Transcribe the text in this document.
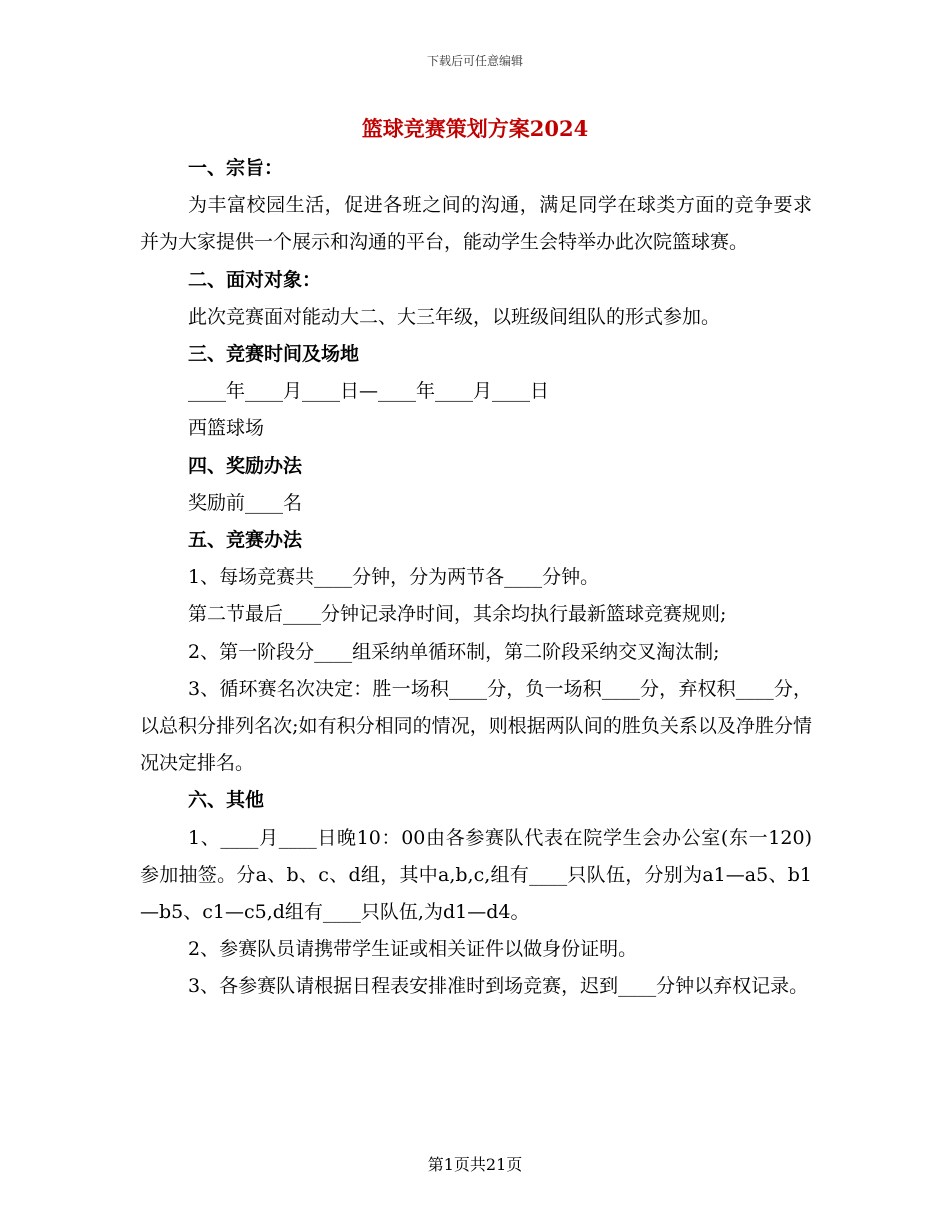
下载后可任意编辑
篮球竞赛策划方案2024

一、宗旨：

为丰富校园生活，促进各班之间的沟通，满足同学在球类方面的竞争要求并为大家提供一个展示和沟通的平台，能动学生会特举办此次院篮球赛。

二、面对对象：

此次竞赛面对能动大二、大三年级，以班级间组队的形式参加。

三、竞赛时间及场地

____年____月____日—____年____月____日

西篮球场

四、奖励办法

奖励前____名

五、竞赛办法

1、每场竞赛共____分钟，分为两节各____分钟。

第二节最后____分钟记录净时间，其余均执行最新篮球竞赛规则;

2、第一阶段分____组采纳单循环制，第二阶段采纳交叉淘汰制;

3、循环赛名次决定：胜一场积____分，负一场积____分，弃权积____分，以总积分排列名次;如有积分相同的情况，则根据两队间的胜负关系以及净胜分情况决定排名。

六、其他

1、____月____日晚10：00由各参赛队代表在院学生会办公室(东一120)参加抽签。分a、b、c、d组，其中a,b,c,组有____只队伍，分别为a1—a5、b1—b5、c1—c5,d组有____只队伍,为d1—d4。

2、参赛队员请携带学生证或相关证件以做身份证明。

3、各参赛队请根据日程表安排准时到场竞赛，迟到____分钟以弃权记录。

第1页共21页
